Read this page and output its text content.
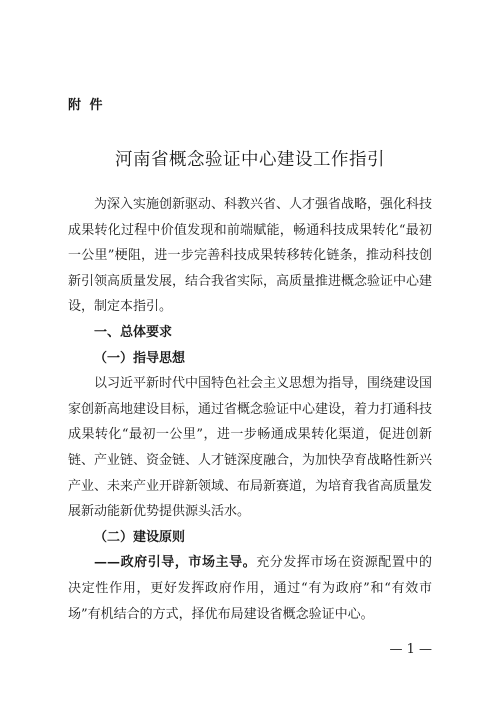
附 件
河南省概念验证中心建设工作指引

为深入实施创新驱动、科教兴省、人才强省战略，强化科技成果转化过程中价值发现和前端赋能，畅通科技成果转化“最初一公里”梗阻，进一步完善科技成果转移转化链条，推动科技创新引领高质量发展，结合我省实际，高质量推进概念验证中心建设，制定本指引。

一、总体要求

（一）指导思想

以习近平新时代中国特色社会主义思想为指导，围绕建设国家创新高地建设目标，通过省概念验证中心建设，着力打通科技成果转化“最初一公里”，进一步畅通成果转化渠道，促进创新链、产业链、资金链、人才链深度融合，为加快孕育战略性新兴产业、未来产业开辟新领域、布局新赛道，为培育我省高质量发展新动能新优势提供源头活水。

（二）建设原则

——政府引导，市场主导。充分发挥市场在资源配置中的决定性作用，更好发挥政府作用，通过“有为政府”和“有效市场”有机结合的方式，择优布局建设省概念验证中心。

— 1 —
